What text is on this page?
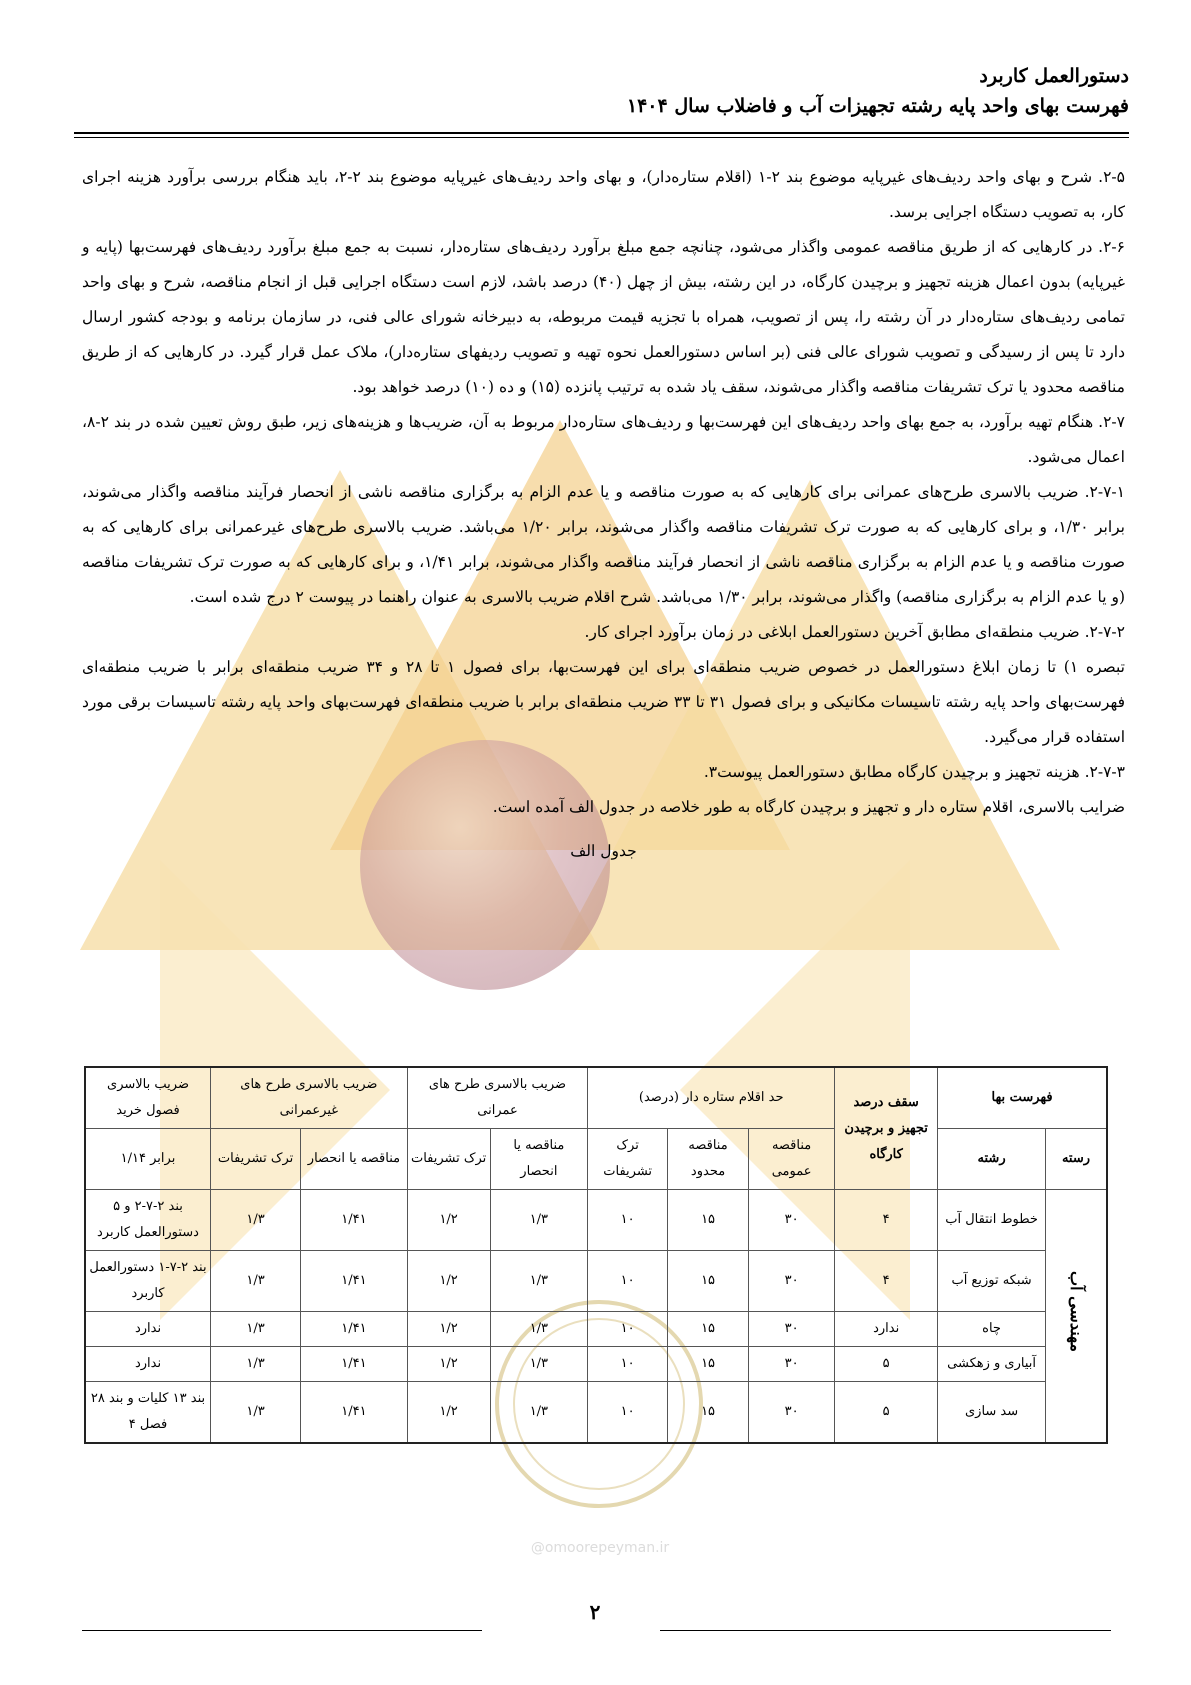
@omoorepeyman.ir
دستورالعمل کاربرد
فهرست بهای واحد پایه رشته تجهیزات آب و فاضلاب سال ۱۴۰۴

۲-۵. شرح و بهای واحد ردیف‌های غیرپایه موضوع بند ۲-۱ (اقلام ستاره‌دار)، و بهای واحد ردیف‌های غیرپایه موضوع بند ۲-۲، باید هنگام بررسی برآورد هزینه اجرای کار، به تصویب دستگاه اجرایی برسد.

۲-۶. در کارهایی که از طریق مناقصه عمومی واگذار می‌شود، چنانچه جمع مبلغ برآورد ردیف‌های ستاره‌دار، نسبت به جمع مبلغ برآورد ردیف‌های فهرست‌بها (پایه و غیرپایه) بدون اعمال هزینه تجهیز و برچیدن کارگاه، در این رشته، بیش از چهل (۴۰) درصد باشد، لازم است دستگاه اجرایی قبل از انجام مناقصه، شرح و بهای واحد تمامی ردیف‌های ستاره‌دار در آن رشته را، پس از تصویب، همراه با تجزیه قیمت مربوطه، به دبیرخانه شورای عالی فنی، در سازمان برنامه و بودجه کشور ارسال دارد تا پس از رسیدگی و تصویب شورای عالی فنی (بر اساس دستورالعمل نحوه تهیه و تصویب ردیفهای ستاره‌دار)، ملاک عمل قرار گیرد. در کارهایی که از طریق مناقصه محدود یا ترک تشریفات مناقصه واگذار می‌شوند، سقف یاد شده به ترتیب پانزده (۱۵) و ده (۱۰) درصد خواهد بود.

۲-۷. هنگام تهیه برآورد، به جمع بهای واحد ردیف‌های این فهرست‌بها و ردیف‌های ستاره‌دار مربوط به آن، ضریب‌ها و هزینه‌های زیر، طبق روش تعیین شده در بند ۲-۸، اعمال می‌شود.

۲-۷-۱. ضریب بالاسری طرح‌های عمرانی برای کارهایی که به صورت مناقصه و یا عدم الزام به برگزاری مناقصه ناشی از انحصار فرآیند مناقصه واگذار می‌شوند، برابر ۱/۳۰، و برای کارهایی که به صورت ترک تشریفات مناقصه واگذار می‌شوند، برابر ۱/۲۰ می‌باشد. ضریب بالاسری طرح‌های غیرعمرانی برای کارهایی که به صورت مناقصه و یا عدم الزام به برگزاری مناقصه ناشی از انحصار فرآیند مناقصه واگذار می‌شوند، برابر ۱/۴۱، و برای کارهایی که به صورت ترک تشریفات مناقصه (و یا عدم الزام به برگزاری مناقصه) واگذار می‌شوند، برابر ۱/۳۰ می‌باشد. شرح اقلام ضریب بالاسری به عنوان راهنما در پیوست ۲ درج شده است.

۲-۷-۲. ضریب منطقه‌ای مطابق آخرین دستورالعمل ابلاغی در زمان برآورد اجرای کار.

تبصره ۱) تا زمان ابلاغ دستورالعمل در خصوص ضریب منطقه‌ای برای این فهرست‌بها، برای فصول ۱ تا ۲۸ و ۳۴ ضریب منطقه‌ای برابر با ضریب منطقه‌ای فهرست‌بهای واحد پایه رشته تاسیسات مکانیکی و برای فصول ۳۱ تا ۳۳ ضریب منطقه‌ای برابر با ضریب منطقه‌ای فهرست‌بهای واحد پایه رشته تاسیسات برقی مورد استفاده قرار می‌گیرد.

۲-۷-۳. هزینه تجهیز و برچیدن کارگاه مطابق دستورالعمل پیوست۳.

ضرایب بالاسری، اقلام ستاره دار و تجهیز و برچیدن کارگاه به طور خلاصه در جدول الف آمده است.

جدول الف
فهرست بها		سقف درصد تجهیز و برچیدن کارگاه	حد اقلام ستاره دار (درصد)			ضریب بالاسری طرح های عمرانی		ضریب بالاسری طرح های غیرعمرانی		ضریب بالاسری فصول خرید
رسته	رشته		مناقصه عمومی	مناقصه محدود	ترک تشریفات	مناقصه یا انحصار	ترک تشریفات	مناقصه یا انحصار	ترک تشریفات	برابر ۱/۱۴
مهندسی آب	خطوط انتقال آب	۴	۳۰	۱۵	۱۰	۱/۳	۱/۲	۱/۴۱	۱/۳	بند ۲-۷-۲ و ۵ دستورالعمل کاربرد
	شبکه توزیع آب	۴	۳۰	۱۵	۱۰	۱/۳	۱/۲	۱/۴۱	۱/۳	بند ۲-۷-۱ دستورالعمل کاربرد
	چاه	ندارد	۳۰	۱۵	۱۰	۱/۳	۱/۲	۱/۴۱	۱/۳	ندارد
	آبیاری و زهکشی	۵	۳۰	۱۵	۱۰	۱/۳	۱/۲	۱/۴۱	۱/۳	ندارد
	سد سازی	۵	۳۰	۱۵	۱۰	۱/۳	۱/۲	۱/۴۱	۱/۳	بند ۱۳ کلیات و بند ۲۸ فصل ۴
۲
